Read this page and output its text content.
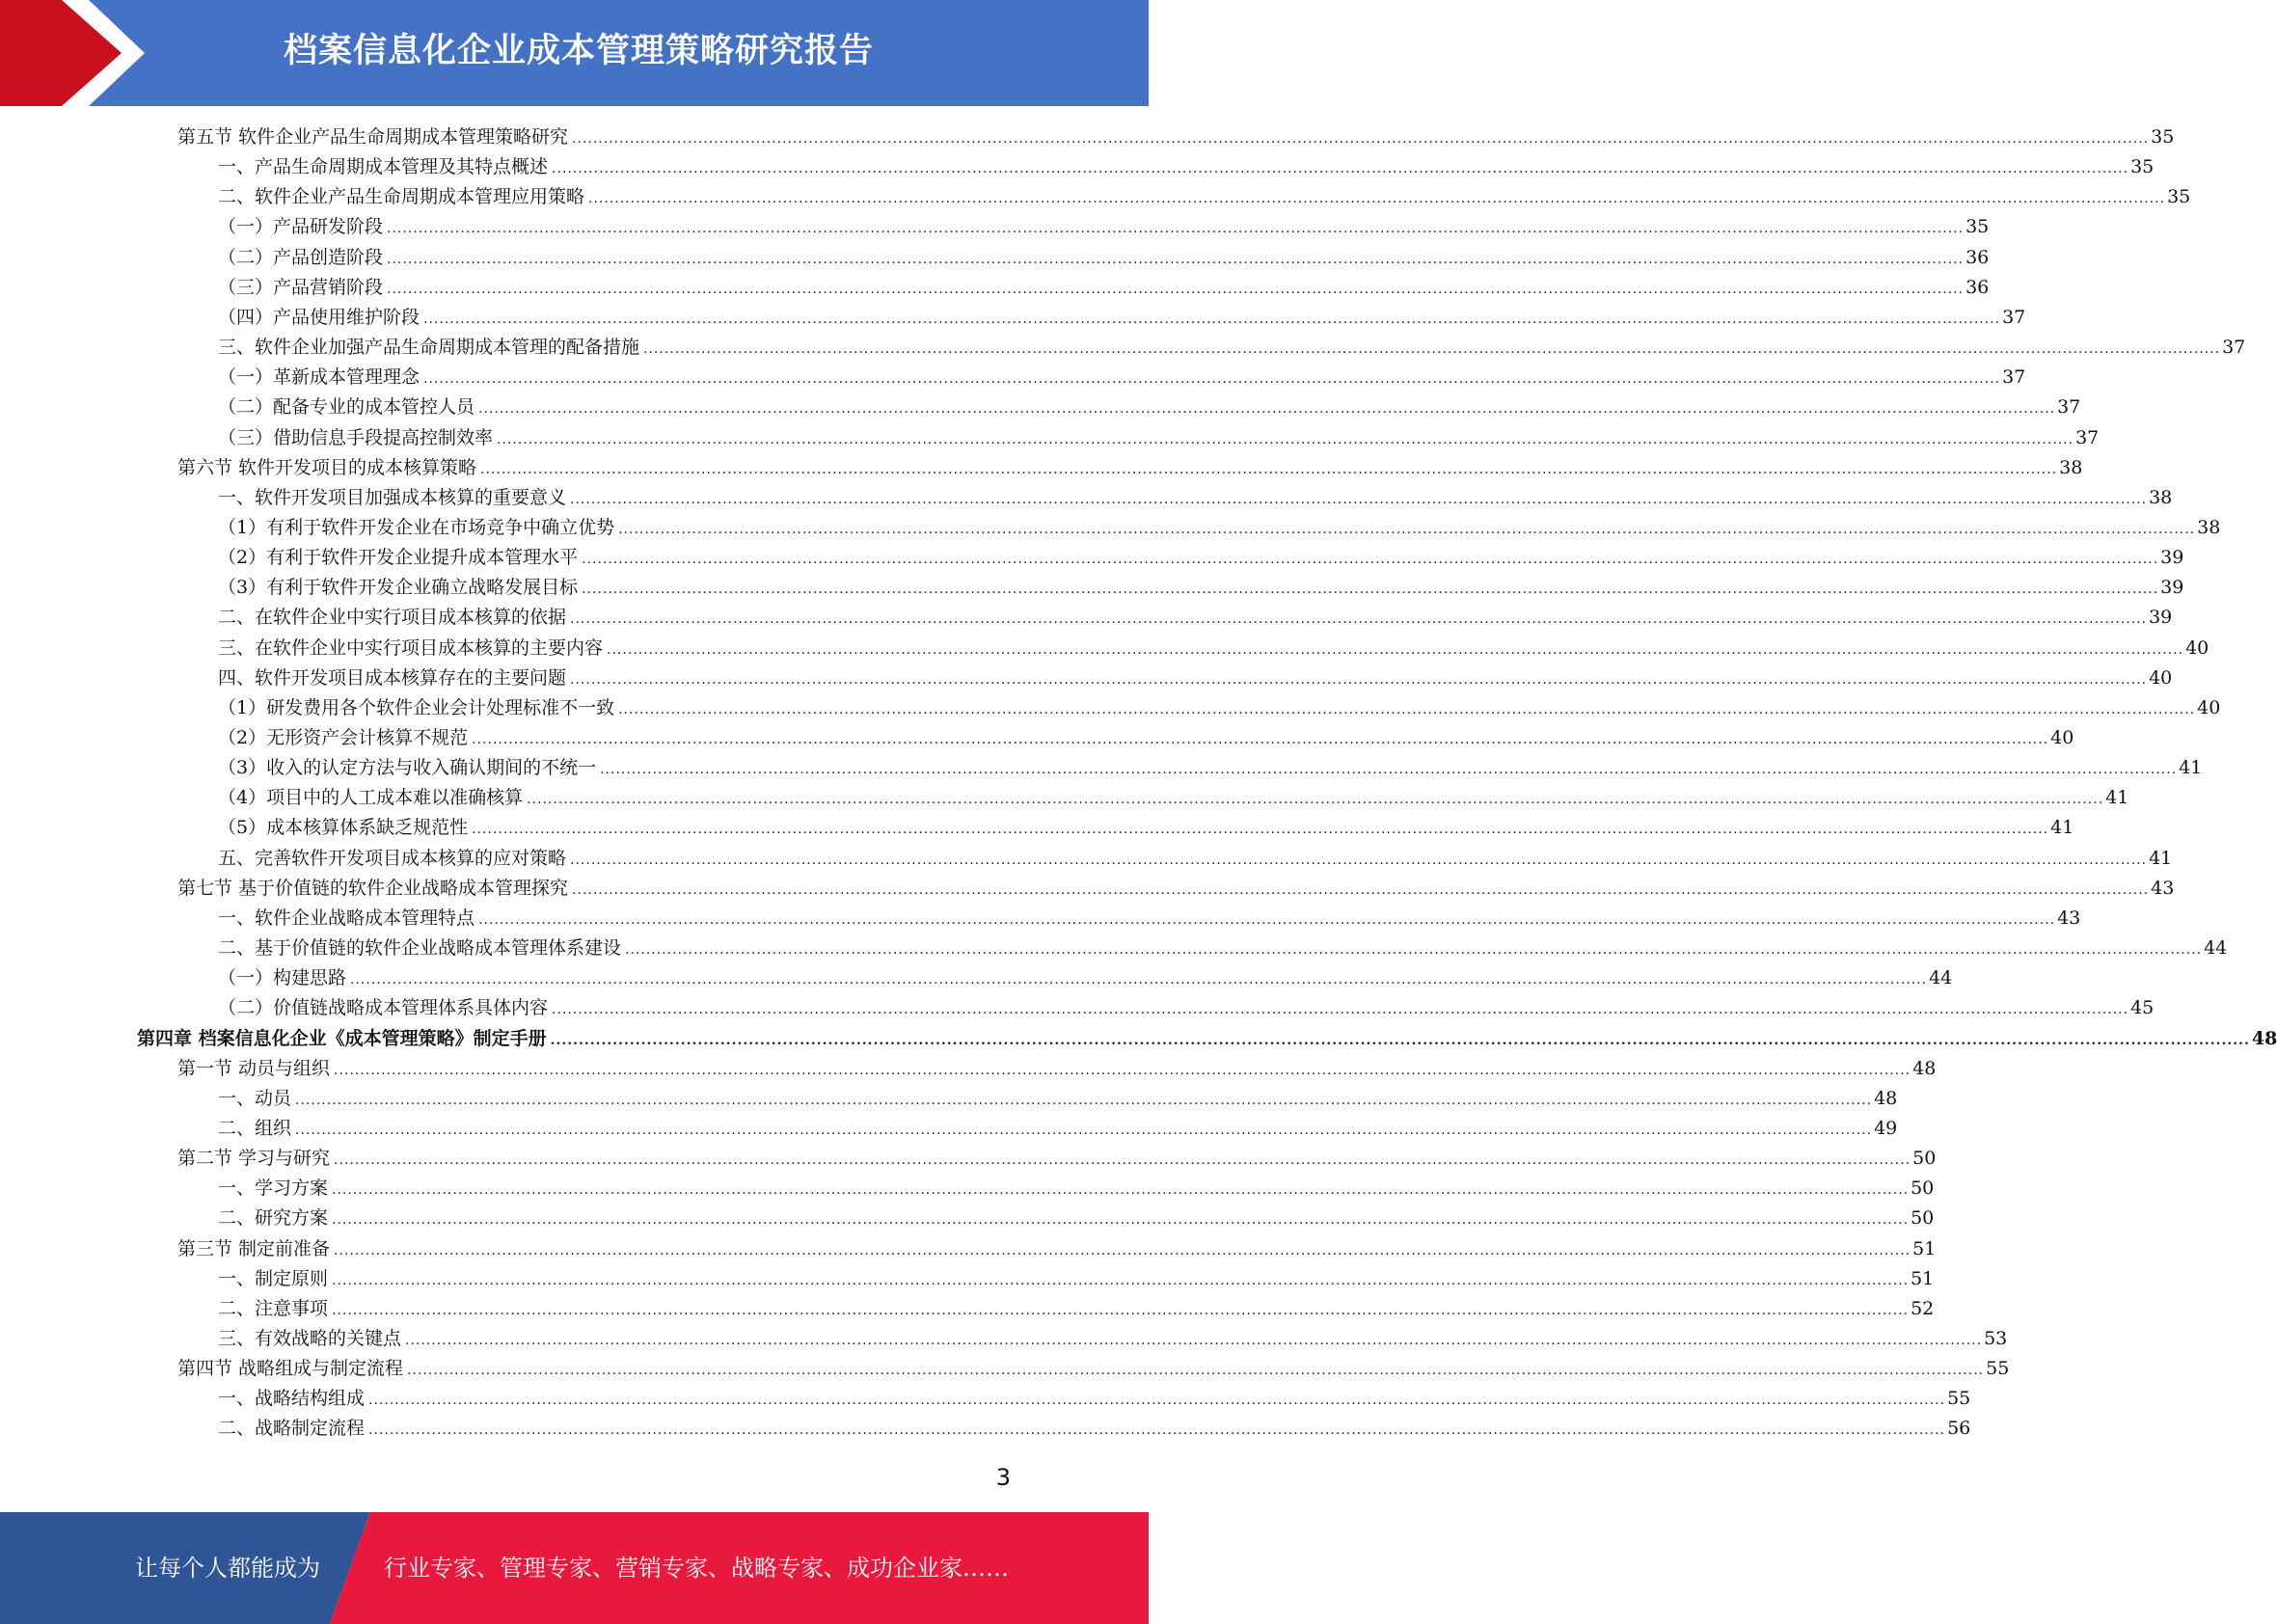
档案信息化企业成本管理策略研究报告
第五节 软件企业产品生命周期成本管理策略研究 ............................................................................................................................................................................................................................................................................................................ 35
一、产品生命周期成本管理及其特点概述 ............................................................................................................................................................................................................................................................................................................ 35
二、软件企业产品生命周期成本管理应用策略 ............................................................................................................................................................................................................................................................................................................ 35
（一）产品研发阶段 ............................................................................................................................................................................................................................................................................................................ 35
（二）产品创造阶段 ............................................................................................................................................................................................................................................................................................................ 36
（三）产品营销阶段 ............................................................................................................................................................................................................................................................................................................ 36
（四）产品使用维护阶段 ............................................................................................................................................................................................................................................................................................................ 37
三、软件企业加强产品生命周期成本管理的配备措施 ............................................................................................................................................................................................................................................................................................................ 37
（一）革新成本管理理念 ............................................................................................................................................................................................................................................................................................................ 37
（二）配备专业的成本管控人员 ............................................................................................................................................................................................................................................................................................................ 37
（三）借助信息手段提高控制效率 ............................................................................................................................................................................................................................................................................................................ 37
第六节 软件开发项目的成本核算策略 ............................................................................................................................................................................................................................................................................................................ 38
一、软件开发项目加强成本核算的重要意义 ............................................................................................................................................................................................................................................................................................................ 38
（1）有利于软件开发企业在市场竞争中确立优势 ............................................................................................................................................................................................................................................................................................................ 38
（2）有利于软件开发企业提升成本管理水平 ............................................................................................................................................................................................................................................................................................................ 39
（3）有利于软件开发企业确立战略发展目标 ............................................................................................................................................................................................................................................................................................................ 39
二、在软件企业中实行项目成本核算的依据 ............................................................................................................................................................................................................................................................................................................ 39
三、在软件企业中实行项目成本核算的主要内容 ............................................................................................................................................................................................................................................................................................................ 40
四、软件开发项目成本核算存在的主要问题 ............................................................................................................................................................................................................................................................................................................ 40
（1）研发费用各个软件企业会计处理标准不一致 ............................................................................................................................................................................................................................................................................................................ 40
（2）无形资产会计核算不规范 ............................................................................................................................................................................................................................................................................................................ 40
（3）收入的认定方法与收入确认期间的不统一 ............................................................................................................................................................................................................................................................................................................ 41
（4）项目中的人工成本难以准确核算 ............................................................................................................................................................................................................................................................................................................ 41
（5）成本核算体系缺乏规范性 ............................................................................................................................................................................................................................................................................................................ 41
五、完善软件开发项目成本核算的应对策略 ............................................................................................................................................................................................................................................................................................................ 41
第七节 基于价值链的软件企业战略成本管理探究 ............................................................................................................................................................................................................................................................................................................ 43
一、软件企业战略成本管理特点 ............................................................................................................................................................................................................................................................................................................ 43
二、基于价值链的软件企业战略成本管理体系建设 ............................................................................................................................................................................................................................................................................................................ 44
（一）构建思路 ............................................................................................................................................................................................................................................................................................................ 44
（二）价值链战略成本管理体系具体内容 ............................................................................................................................................................................................................................................................................................................ 45
第四章 档案信息化企业《成本管理策略》制定手册 ............................................................................................................................................................................................................................................................................................................ 48
第一节 动员与组织 ............................................................................................................................................................................................................................................................................................................ 48
一、动员 ............................................................................................................................................................................................................................................................................................................ 48
二、组织 ............................................................................................................................................................................................................................................................................................................ 49
第二节 学习与研究 ............................................................................................................................................................................................................................................................................................................ 50
一、学习方案 ............................................................................................................................................................................................................................................................................................................ 50
二、研究方案 ............................................................................................................................................................................................................................................................................................................ 50
第三节 制定前准备 ............................................................................................................................................................................................................................................................................................................ 51
一、制定原则 ............................................................................................................................................................................................................................................................................................................ 51
二、注意事项 ............................................................................................................................................................................................................................................................................................................ 52
三、有效战略的关键点 ............................................................................................................................................................................................................................................................................................................ 53
第四节 战略组成与制定流程 ............................................................................................................................................................................................................................................................................................................ 55
一、战略结构组成 ............................................................................................................................................................................................................................................................................................................ 55
二、战略制定流程 ............................................................................................................................................................................................................................................................................................................ 56
3
让每个人都能成为	行业专家、管理专家、营销专家、战略专家、成功企业家……
